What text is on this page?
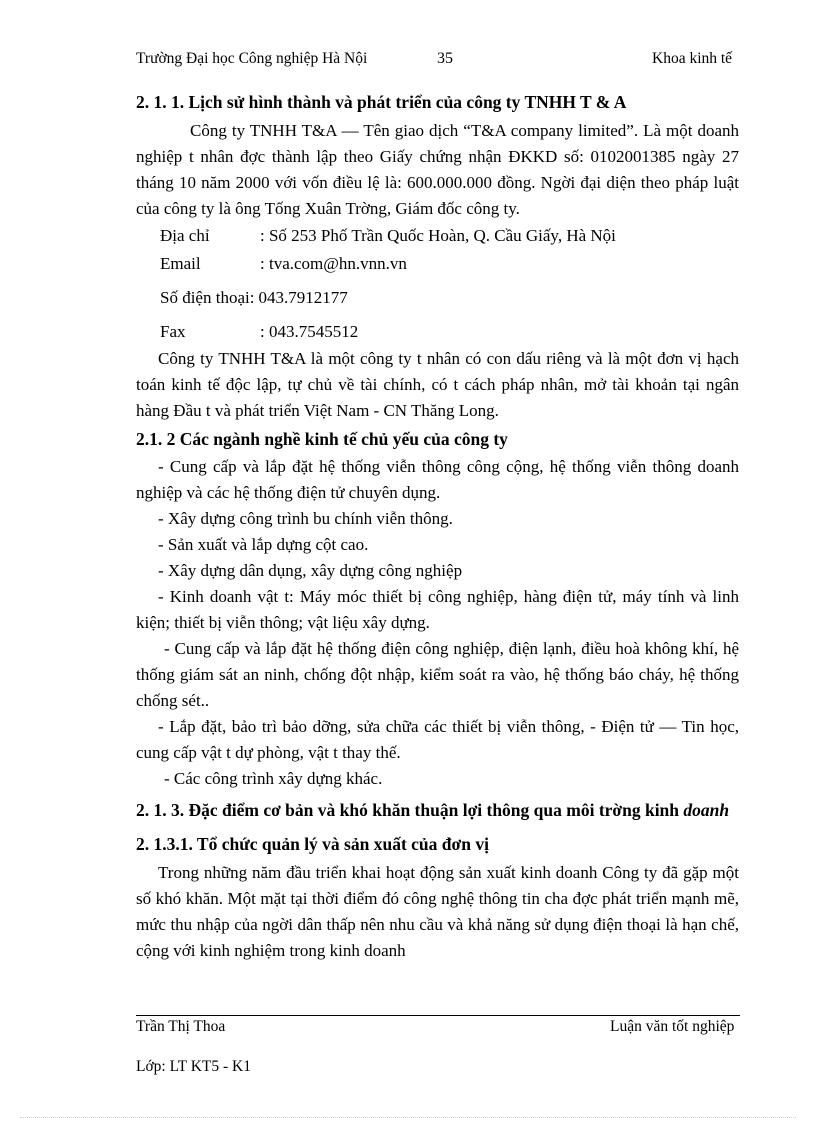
Trường Đại học Công nghiệp Hà Nội	35	Khoa kinh tế

2. 1. 1. Lịch sử hình thành và phát triển của công ty TNHH T & A

Công ty TNHH T&A — Tên giao dịch “T&A company limited”. Là một doanh nghiệp t nhân đợc thành lập theo Giấy chứng nhận ĐKKD số: 0102001385 ngày 27 tháng 10 năm 2000 với vốn điều lệ là: 600.000.000 đồng. Ngời đại diện theo pháp luật của công ty là ông Tống Xuân Trờng, Giám đốc công ty.

Địa chỉ	: Số 253 Phố Trần Quốc Hoàn, Q. Cầu Giấy, Hà Nội
Email	: tva.com@hn.vnn.vn
Số điện thoại: 043.7912177
Fax	: 043.7545512

Công ty TNHH T&A là một công ty t nhân có con dấu riêng và là một đơn vị hạch toán kinh tế độc lập, tự chủ về tài chính, có t cách pháp nhân, mở tài khoản tại ngân hàng Đầu t và phát triển Việt Nam - CN Thăng Long.

2.1. 2 Các ngành nghề kinh tế chủ yếu của công ty

- Cung cấp và lắp đặt hệ thống viễn thông công cộng, hệ thống viễn thông doanh nghiệp và các hệ thống điện tử chuyên dụng.

- Xây dựng công trình bu chính viễn thông.

- Sản xuất và lắp dựng cột cao.

- Xây dựng dân dụng, xây dựng công nghiệp

- Kinh doanh vật t: Máy móc thiết bị công nghiệp, hàng điện tử, máy tính và linh kiện; thiết bị viễn thông; vật liệu xây dựng.

- Cung cấp và lắp đặt hệ thống điện công nghiệp, điện lạnh, điều hoà không khí, hệ thống giám sát an ninh, chống đột nhập, kiểm soát ra vào, hệ thống báo cháy, hệ thống chống sét..

- Lắp đặt, bảo trì bảo dỡng, sửa chữa các thiết bị viễn thông, - Điện tử — Tin học, cung cấp vật t dự phòng, vật t thay thế.

- Các công trình xây dựng khác.

2. 1. 3. Đặc điểm cơ bản và khó khăn thuận lợi thông qua môi trờng kinh doanh

2. 1.3.1. Tổ chức quản lý và sản xuất của đơn vị

Trong những năm đầu triển khai hoạt động sản xuất kinh doanh Công ty đã gặp một số khó khăn. Một mặt tại thời điểm đó công nghệ thông tin cha đợc phát triển mạnh mẽ, mức thu nhập của ngời dân thấp nên nhu cầu và khả năng sử dụng điện thoại là hạn chế, cộng với kinh nghiệm trong kinh doanh

Trần Thị Thoa	Luận văn tốt nghiệp
Lớp: LT KT5 - K1
